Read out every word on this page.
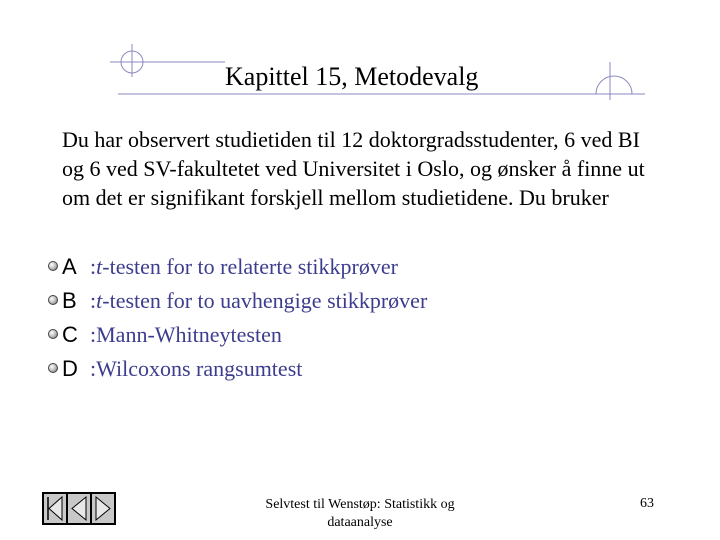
Kapittel 15, Metodevalg
Du har observert studietiden til 12 doktorgradsstudenter, 6 ved BI og 6 ved SV-fakultetet ved Universitet i Oslo, og ønsker å finne ut om det er signifikant forskjell mellom studietidene. Du bruker
A :t-testen for to relaterte stikkprøver
B :t-testen for to uavhengige stikkprøver
C :Mann-Whitneytesten
D :Wilcoxons rangsumtest
Selvtest til Wenstøp: Statistikk og
dataanalyse
63
